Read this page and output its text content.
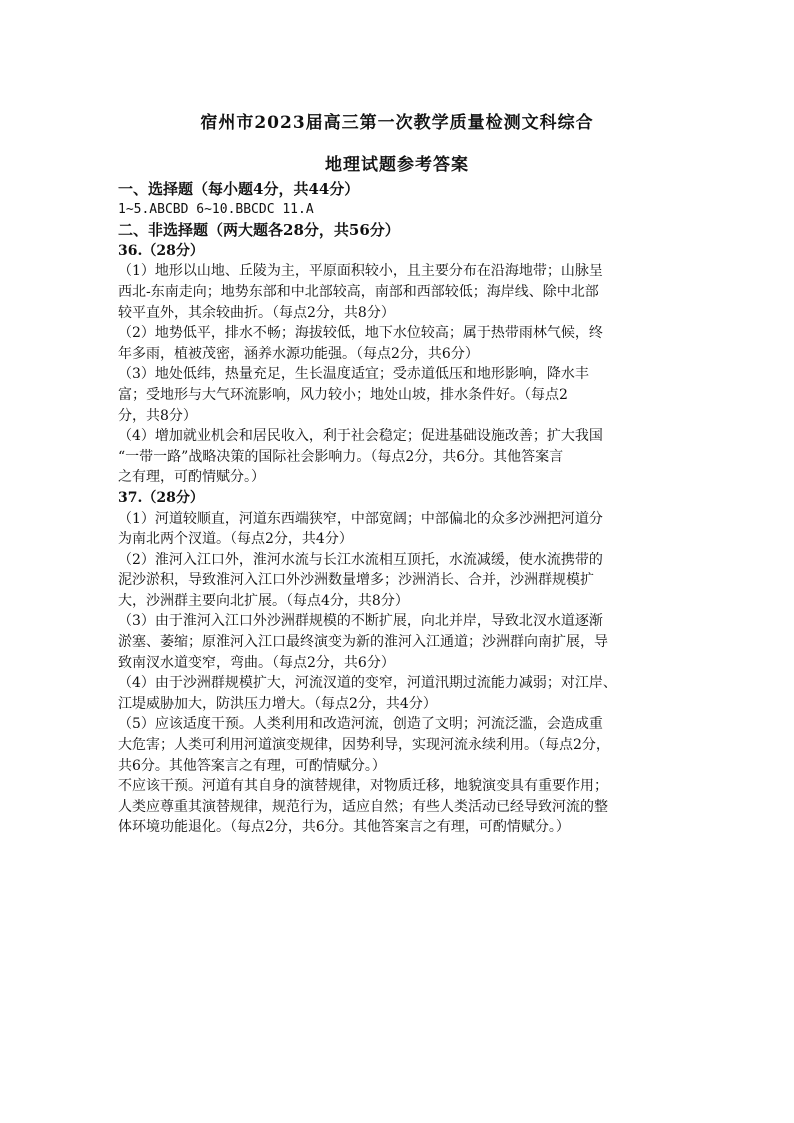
宿州市2023届高三第一次教学质量检测文科综合
地理试题参考答案
一、选择题（每小题4分，共44分）
1~5.ABCBD 6~10.BBCDC 11.A
二、非选择题（两大题各28分，共56分）
36.（28分）
（1）地形以山地、丘陵为主，平原面积较小，且主要分布在沿海地带；山脉呈
西北-东南走向；地势东部和中北部较高，南部和西部较低；海岸线、除中北部
较平直外，其余较曲折。（每点2分，共8分）
（2）地势低平，排水不畅；海拔较低，地下水位较高；属于热带雨林气候，终
年多雨，植被茂密，涵养水源功能强。（每点2分，共6分）
（3）地处低纬，热量充足，生长温度适宜；受赤道低压和地形影响，降水丰
富；受地形与大气环流影响，风力较小；地处山坡，排水条件好。（每点2
分，共8分）
（4）增加就业机会和居民收入，利于社会稳定；促进基础设施改善；扩大我国
“一带一路”战略决策的国际社会影响力。（每点2分，共6分。其他答案言
之有理，可酌情赋分。）
37.（28分）
（1）河道较顺直，河道东西端狭窄，中部宽阔；中部偏北的众多沙洲把河道分
为南北两个汊道。（每点2分，共4分）
（2）淮河入江口外，淮河水流与长江水流相互顶托，水流减缓，使水流携带的
泥沙淤积，导致淮河入江口外沙洲数量增多；沙洲消长、合并，沙洲群规模扩
大，沙洲群主要向北扩展。（每点4分，共8分）
（3）由于淮河入江口外沙洲群规模的不断扩展，向北并岸，导致北汊水道逐渐
淤塞、萎缩；原淮河入江口最终演变为新的淮河入江通道；沙洲群向南扩展，导
致南汊水道变窄，弯曲。（每点2分，共6分）
（4）由于沙洲群规模扩大，河流汊道的变窄，河道汛期过流能力减弱；对江岸、
江堤威胁加大，防洪压力增大。（每点2分，共4分）
（5）应该适度干预。人类利用和改造河流，创造了文明；河流泛滥，会造成重
大危害；人类可利用河道演变规律，因势利导，实现河流永续利用。（每点2分，
共6分。其他答案言之有理，可酌情赋分。）
不应该干预。河道有其自身的演替规律，对物质迁移，地貌演变具有重要作用；
人类应尊重其演替规律，规范行为，适应自然；有些人类活动已经导致河流的整
体环境功能退化。（每点2分，共6分。其他答案言之有理，可酌情赋分。）
